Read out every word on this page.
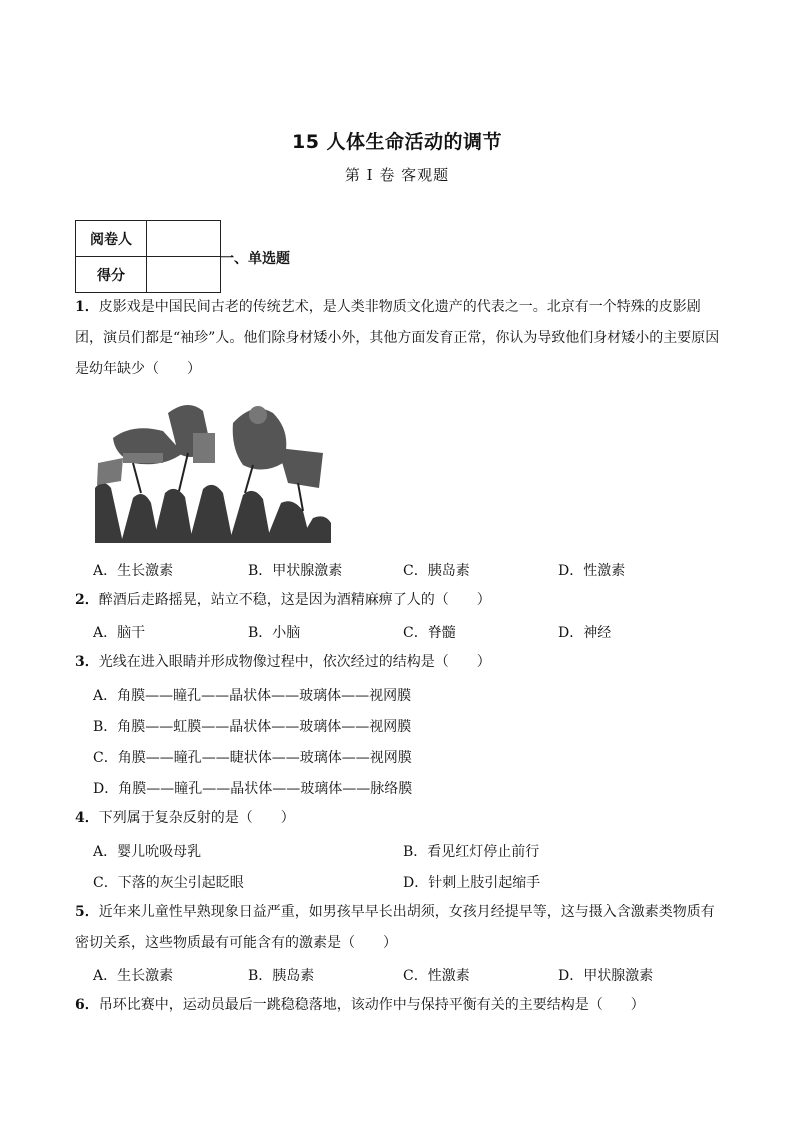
15 人体生命活动的调节
第 I 卷 客观题
阅卷人	
得分	
一、单选题
1．皮影戏是中国民间古老的传统艺术，是人类非物质文化遗产的代表之一。北京有一个特殊的皮影剧团，演员们都是“袖珍”人。他们除身材矮小外，其他方面发育正常，你认为导致他们身材矮小的主要原因是幼年缺少（　　）
A．生长激素	B．甲状腺激素	C．胰岛素	D．性激素
2．醉酒后走路摇晃，站立不稳，这是因为酒精麻痹了人的（　　）
A．脑干	B．小脑	C．脊髓	D．神经
3．光线在进入眼睛并形成物像过程中，依次经过的结构是（　　）
A．角膜——瞳孔——晶状体——玻璃体——视网膜
B．角膜——虹膜——晶状体——玻璃体——视网膜
C．角膜——瞳孔——睫状体——玻璃体——视网膜
D．角膜——瞳孔——晶状体——玻璃体——脉络膜
4．下列属于复杂反射的是（　　）
A．婴儿吮吸母乳	B．看见红灯停止前行
C．下落的灰尘引起眨眼	D．针刺上肢引起缩手
5．近年来儿童性早熟现象日益严重，如男孩早早长出胡须，女孩月经提早等，这与摄入含激素类物质有密切关系，这些物质最有可能含有的激素是（　　）
A．生长激素	B．胰岛素	C．性激素	D．甲状腺激素
6．吊环比赛中，运动员最后一跳稳稳落地，该动作中与保持平衡有关的主要结构是（　　）
